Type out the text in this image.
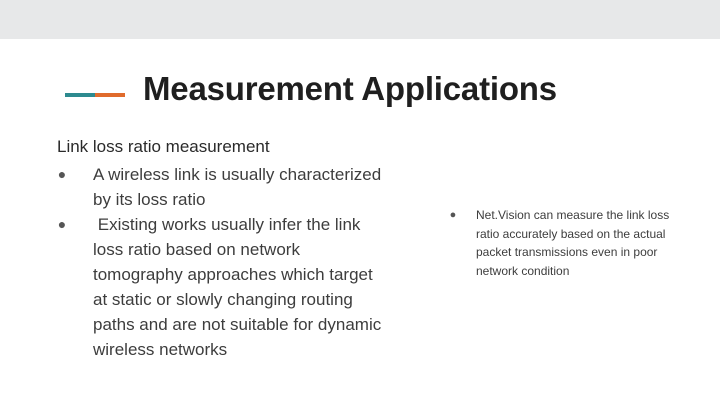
Measurement Applications
Link loss ratio measurement
● A wireless link is usually characterized by its loss ratio
● Existing works usually infer the link loss ratio based on network tomography approaches which target at static or slowly changing routing paths and are not suitable for dynamic wireless networks
● Net.Vision can measure the link loss ratio accurately based on the actual packet transmissions even in poor network condition
